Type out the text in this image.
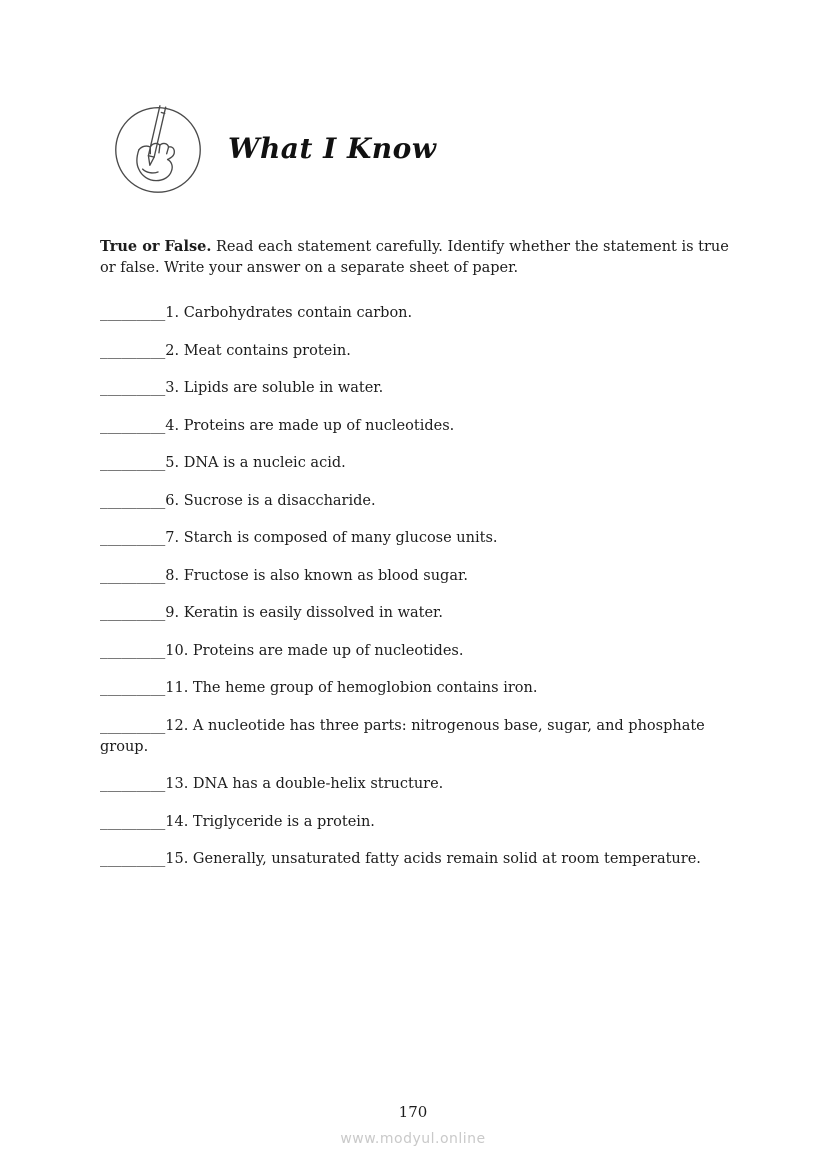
What I Know

True or False. Read each statement carefully. Identify whether the statement is true or false. Write your answer on a separate sheet of paper.

_________1. Carbohydrates contain carbon.
_________2. Meat contains protein.
_________3. Lipids are soluble in water.
_________4. Proteins are made up of nucleotides.
_________5. DNA is a nucleic acid.
_________6. Sucrose is a disaccharide.
_________7. Starch is composed of many glucose units.
_________8. Fructose is also known as blood sugar.
_________9. Keratin is easily dissolved in water.
_________10. Proteins are made up of nucleotides.
_________11. The heme group of hemoglobion contains iron.
_________12. A nucleotide has three parts: nitrogenous base, sugar, and phosphate group.
_________13. DNA has a double-helix structure.
_________14. Triglyceride is a protein.
_________15. Generally, unsaturated fatty acids remain solid at room temperature.
170
www.modyul.online
